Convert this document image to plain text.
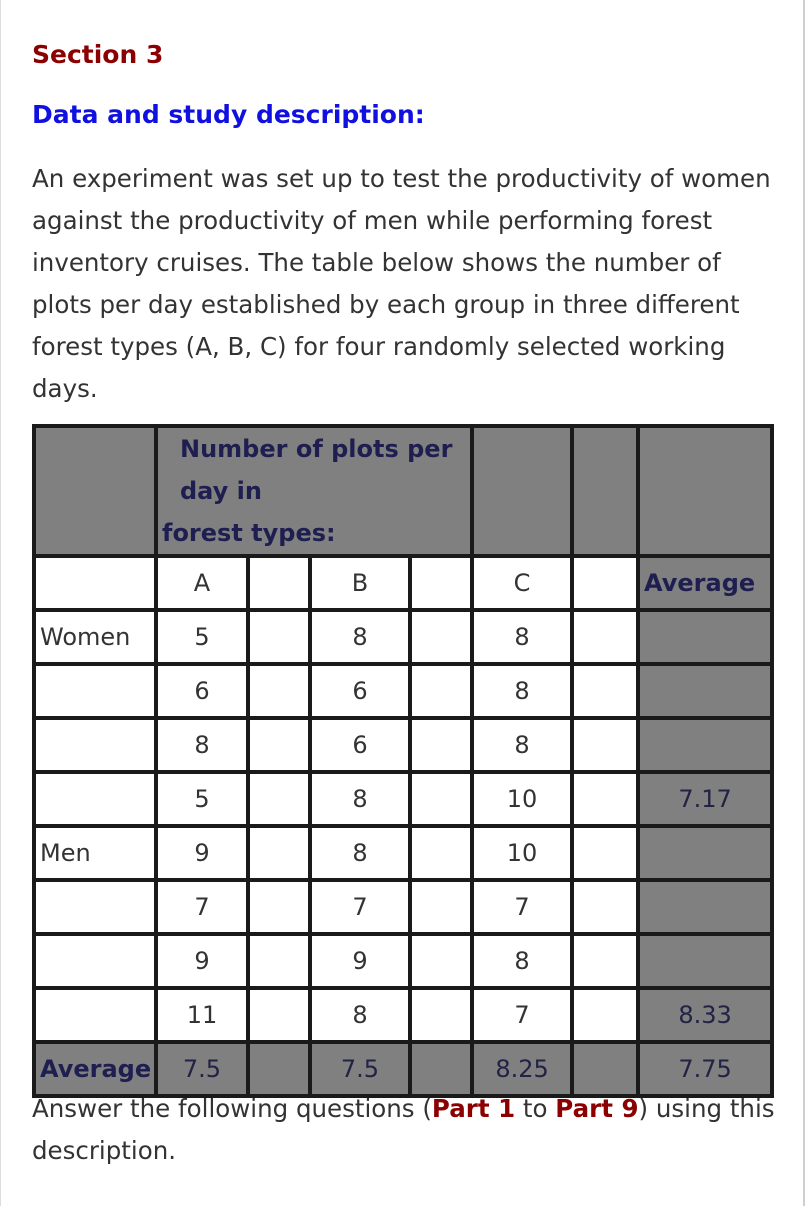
Section 3
Data and study description:

An experiment was set up to test the productivity of women against the productivity of men while performing forest inventory cruises. The table below shows the number of plots per day established by each group in three different forest types (A, B, C) for four randomly selected working days.

	Number of plots per day in
forest types:						

	A		B		C		Average
Women	5		8		8		
	6		6		8		
	8		6		8		
	5		8		10		7.17
Men	9		8		10		
	7		7		7		
	9		9		8		
	11		8		7		8.33
Average	7.5		7.5		8.25		7.75

Answer the following questions (Part 1 to Part 9) using this description.
